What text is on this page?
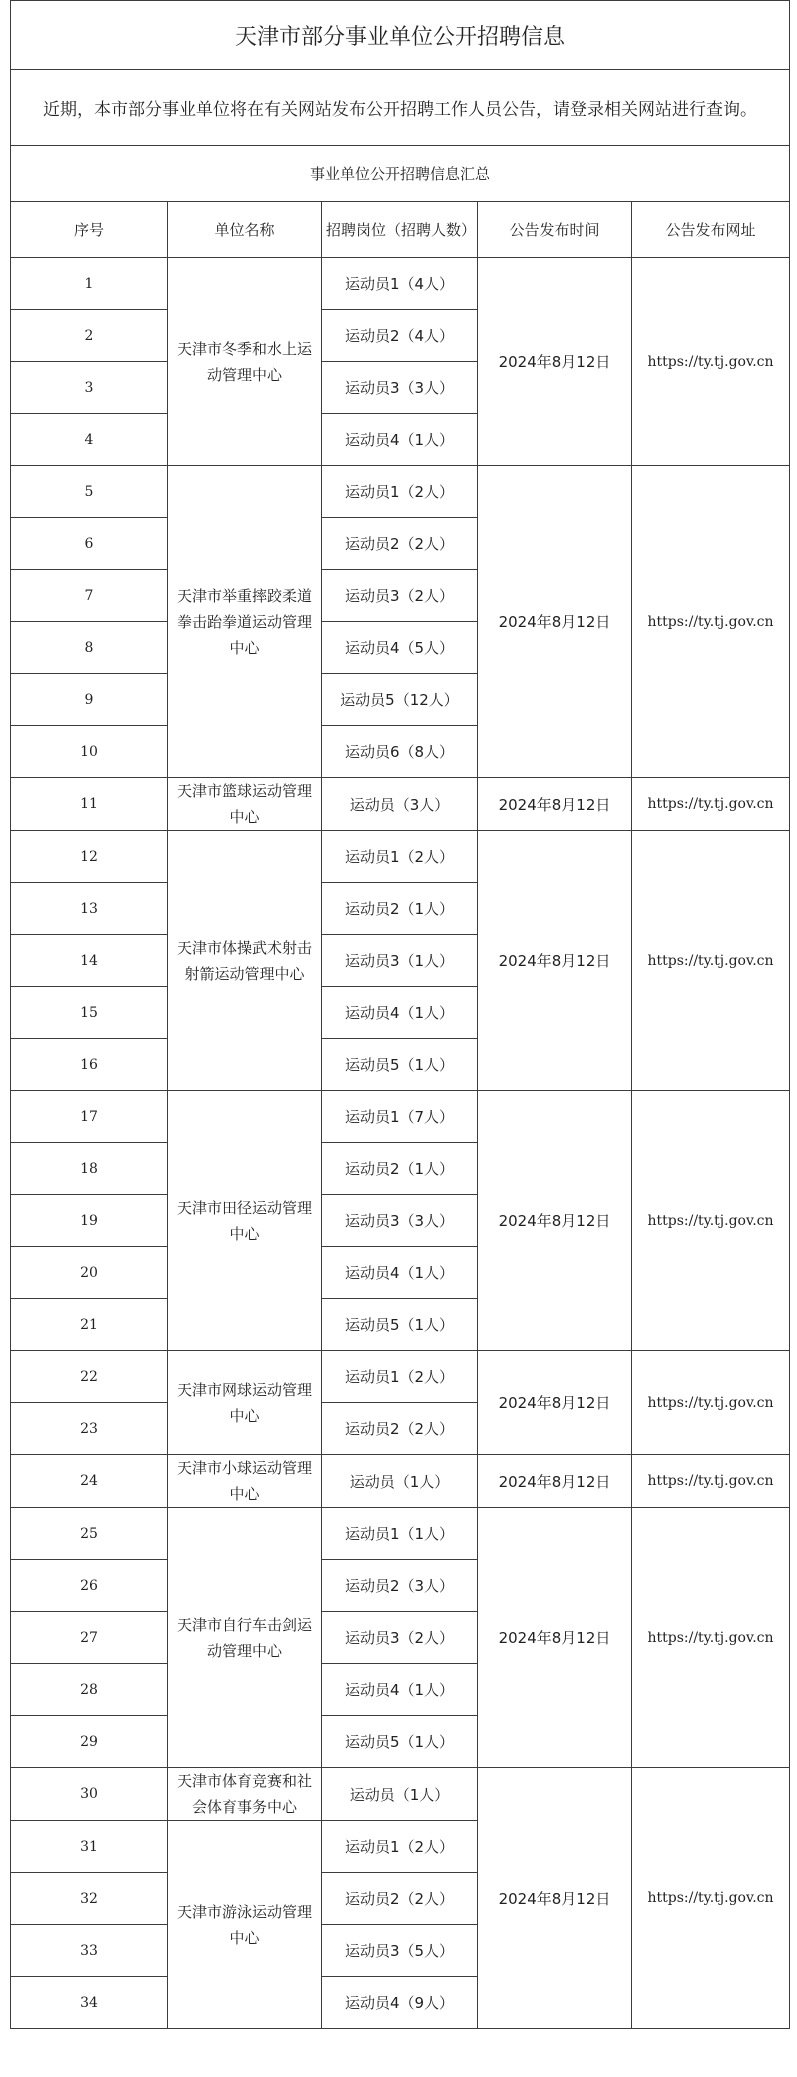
天津市部分事业单位公开招聘信息				
近期，本市部分事业单位将在有关网站发布公开招聘工作人员公告，请登录相关网站进行查询。				
事业单位公开招聘信息汇总				
序号	单位名称	招聘岗位（招聘人数）	公告发布时间	公告发布网址
1	天津市冬季和水上运动管理中心	运动员1（4人）	2024年8月12日	https://ty.tj.gov.cn
2		运动员2（4人）		
3		运动员3（3人）		
4		运动员4（1人）		
5	天津市举重摔跤柔道拳击跆拳道运动管理中心	运动员1（2人）	2024年8月12日	https://ty.tj.gov.cn
6		运动员2（2人）		
7		运动员3（2人）		
8		运动员4（5人）		
9		运动员5（12人）		
10		运动员6（8人）		
11	天津市篮球运动管理中心	运动员（3人）	2024年8月12日	https://ty.tj.gov.cn
12	天津市体操武术射击射箭运动管理中心	运动员1（2人）	2024年8月12日	https://ty.tj.gov.cn
13		运动员2（1人）		
14		运动员3（1人）		
15		运动员4（1人）		
16		运动员5（1人）		
17	天津市田径运动管理中心	运动员1（7人）	2024年8月12日	https://ty.tj.gov.cn
18		运动员2（1人）		
19		运动员3（3人）		
20		运动员4（1人）		
21		运动员5（1人）		
22	天津市网球运动管理中心	运动员1（2人）	2024年8月12日	https://ty.tj.gov.cn
23		运动员2（2人）		
24	天津市小球运动管理中心	运动员（1人）	2024年8月12日	https://ty.tj.gov.cn
25	天津市自行车击剑运动管理中心	运动员1（1人）	2024年8月12日	https://ty.tj.gov.cn
26		运动员2（3人）		
27		运动员3（2人）		
28		运动员4（1人）		
29		运动员5（1人）		
30	天津市体育竞赛和社会体育事务中心	运动员（1人）	2024年8月12日	https://ty.tj.gov.cn
31	天津市游泳运动管理中心	运动员1（2人）		
32		运动员2（2人）		
33		运动员3（5人）		
34		运动员4（9人）		
